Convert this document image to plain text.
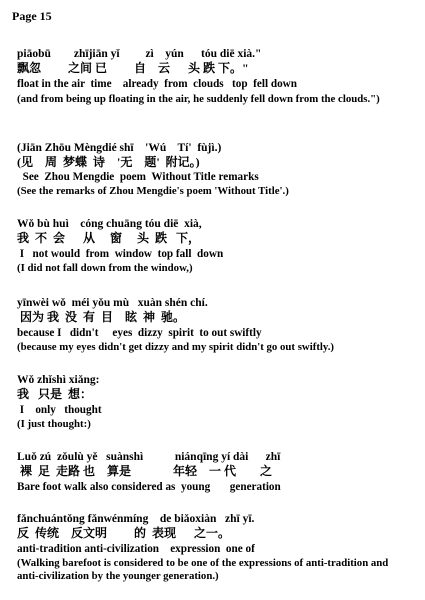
Page 15
piāobū        zhījiān yǐ         zì    yún      tóu diē xià."
飘忽         之间 已         自    云      头 跌 下。"
float in the air  time    already  from  clouds   top  fell down
(and from being up floating in the air, he suddenly fell down from the clouds.")
(Jiān Zhōu Mèngdié shī    'Wú    Tí'  fùjì.)
(见    周  梦蝶  诗    '无    题'  附记。)
See  Zhou Mengdie  poem  Without Title remarks
(See the remarks of Zhou Mengdie's poem 'Without Title'.)
Wǒ bù huì    cóng chuāng tóu diē  xià,
我  不  会      从     窗     头  跌   下，
I   not would  from  window  top fall  down
(I did not fall down from the window,)
yīnwèi wǒ  méi yǒu mù   xuàn shén chí.
因为 我  没  有  目    眩  神  驰。
because I   didn't     eyes  dizzy  spirit  to out swiftly
(because my eyes didn't get dizzy and my spirit didn't go out swiftly.)
Wǒ zhǐshì xiǎng:
我   只是  想：
I    only   thought
(I just thought:)
Luǒ zú  zǒulù yě   suànshì           niánqīng yí dài      zhī
裸  足  走路 也    算是              年轻    一 代        之
Bare foot walk also considered as  young       generation
fǎnchuántǒng fǎnwénmíng    de biǎoxiàn   zhī yī.
反  传统    反文明         的  表现      之一。
anti-tradition anti-civilization    expression  one of
(Walking barefoot is considered to be one of the expressions of anti-tradition and anti-civilization by the younger generation.)
